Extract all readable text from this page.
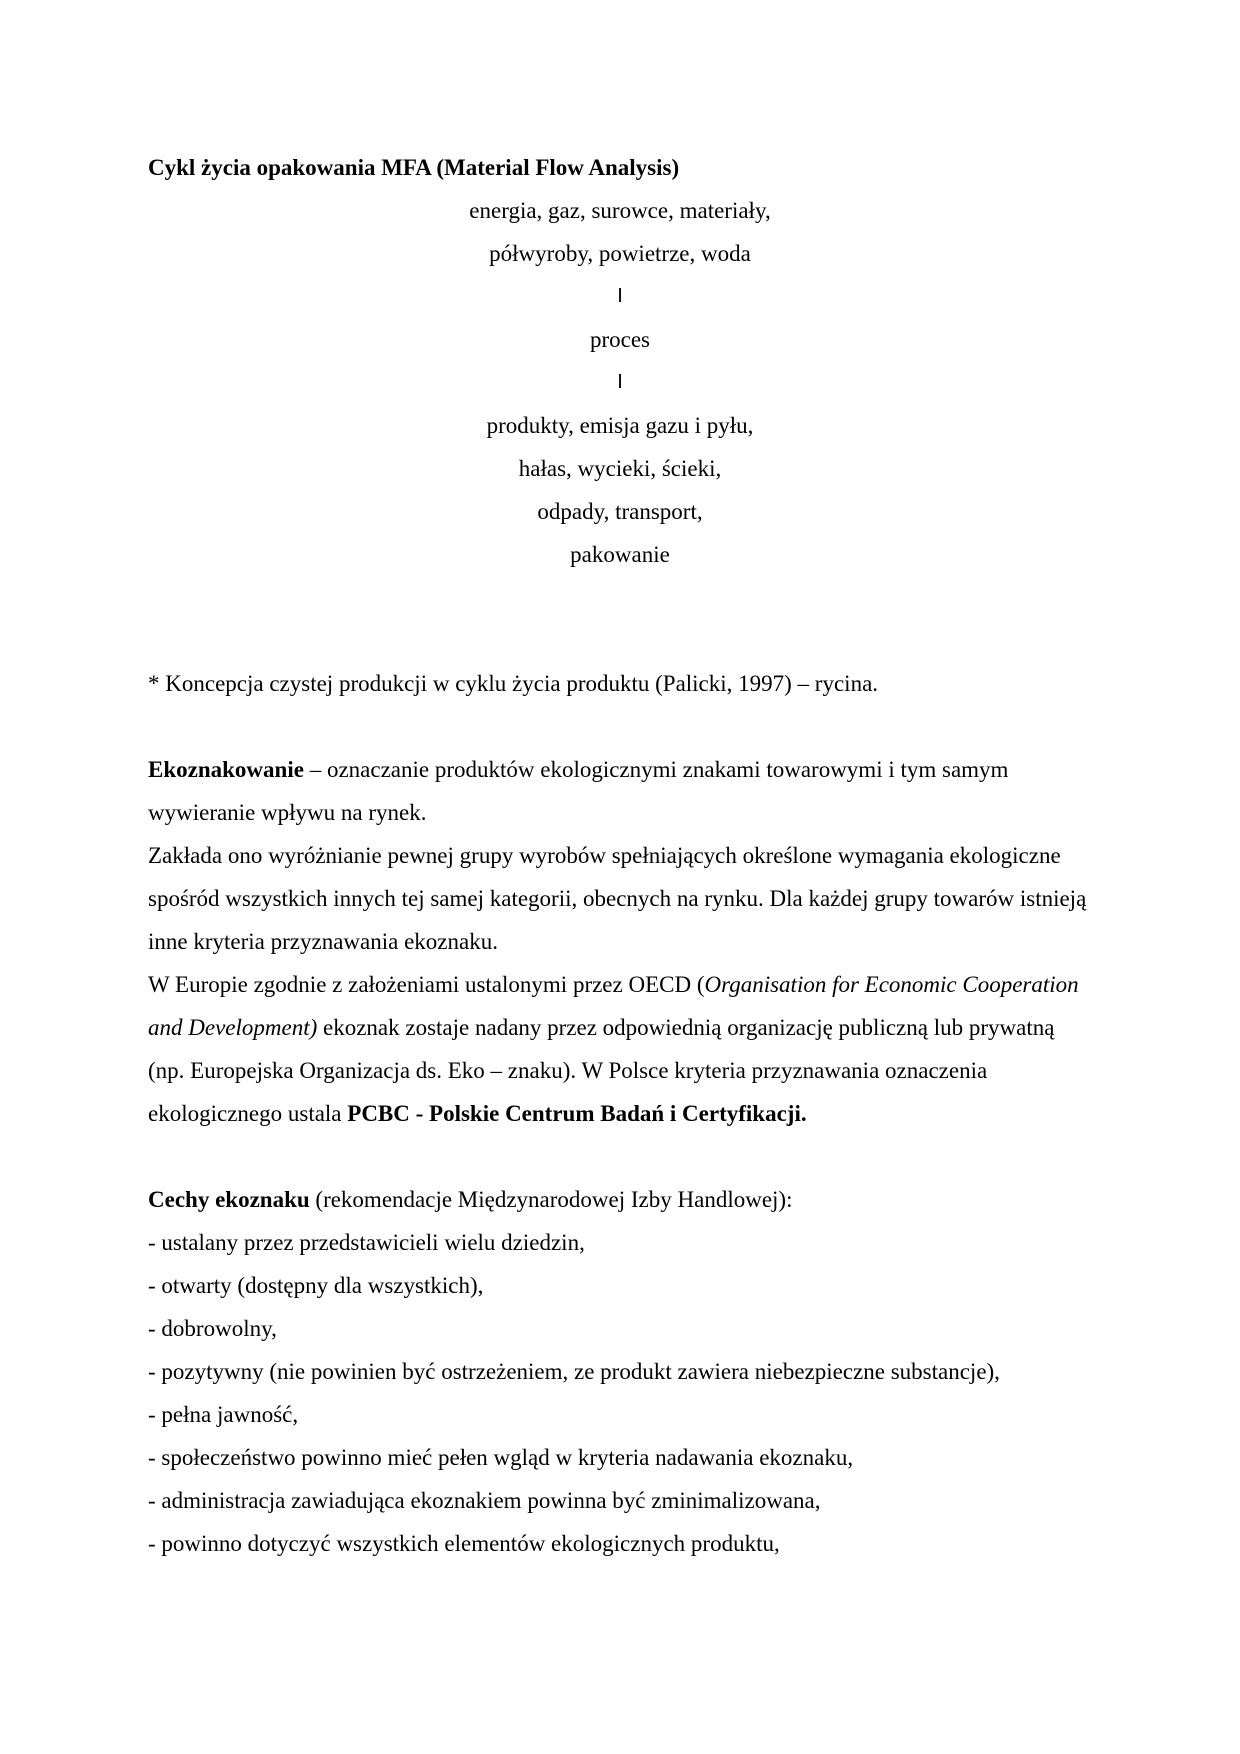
Cykl życia opakowania MFA (Material Flow Analysis)

energia, gaz, surowce, materiały,
półwyroby, powietrze, woda
I
proces
I
produkty, emisja gazu i pyłu,
hałas, wycieki, ścieki,
odpady, transport,
pakowanie
* Koncepcja czystej produkcji w cyklu życia produktu (Palicki, 1997) – rycina.

Ekoznakowanie – oznaczanie produktów ekologicznymi znakami towarowymi i tym samym wywieranie wpływu na rynek.

Zakłada ono wyróżnianie pewnej grupy wyrobów spełniających określone wymagania ekologiczne spośród wszystkich innych tej samej kategorii, obecnych na rynku. Dla każdej grupy towarów istnieją inne kryteria przyznawania ekoznaku.

W Europie zgodnie z założeniami ustalonymi przez OECD (Organisation for Economic Cooperation and Development) ekoznak zostaje nadany przez odpowiednią organizację publiczną lub prywatną (np. Europejska Organizacja ds. Eko – znaku). W Polsce kryteria przyznawania oznaczenia ekologicznego ustala PCBC - Polskie Centrum Badań i Certyfikacji.

Cechy ekoznaku (rekomendacje Międzynarodowej Izby Handlowej):

- ustalany przez przedstawicieli wielu dziedzin,
- otwarty (dostępny dla wszystkich),
- dobrowolny,
- pozytywny (nie powinien być ostrzeżeniem, ze produkt zawiera niebezpieczne substancje),
- pełna jawność,
- społeczeństwo powinno mieć pełen wgląd w kryteria nadawania ekoznaku,
- administracja zawiadująca ekoznakiem powinna być zminimalizowana,
- powinno dotyczyć wszystkich elementów ekologicznych produktu,
